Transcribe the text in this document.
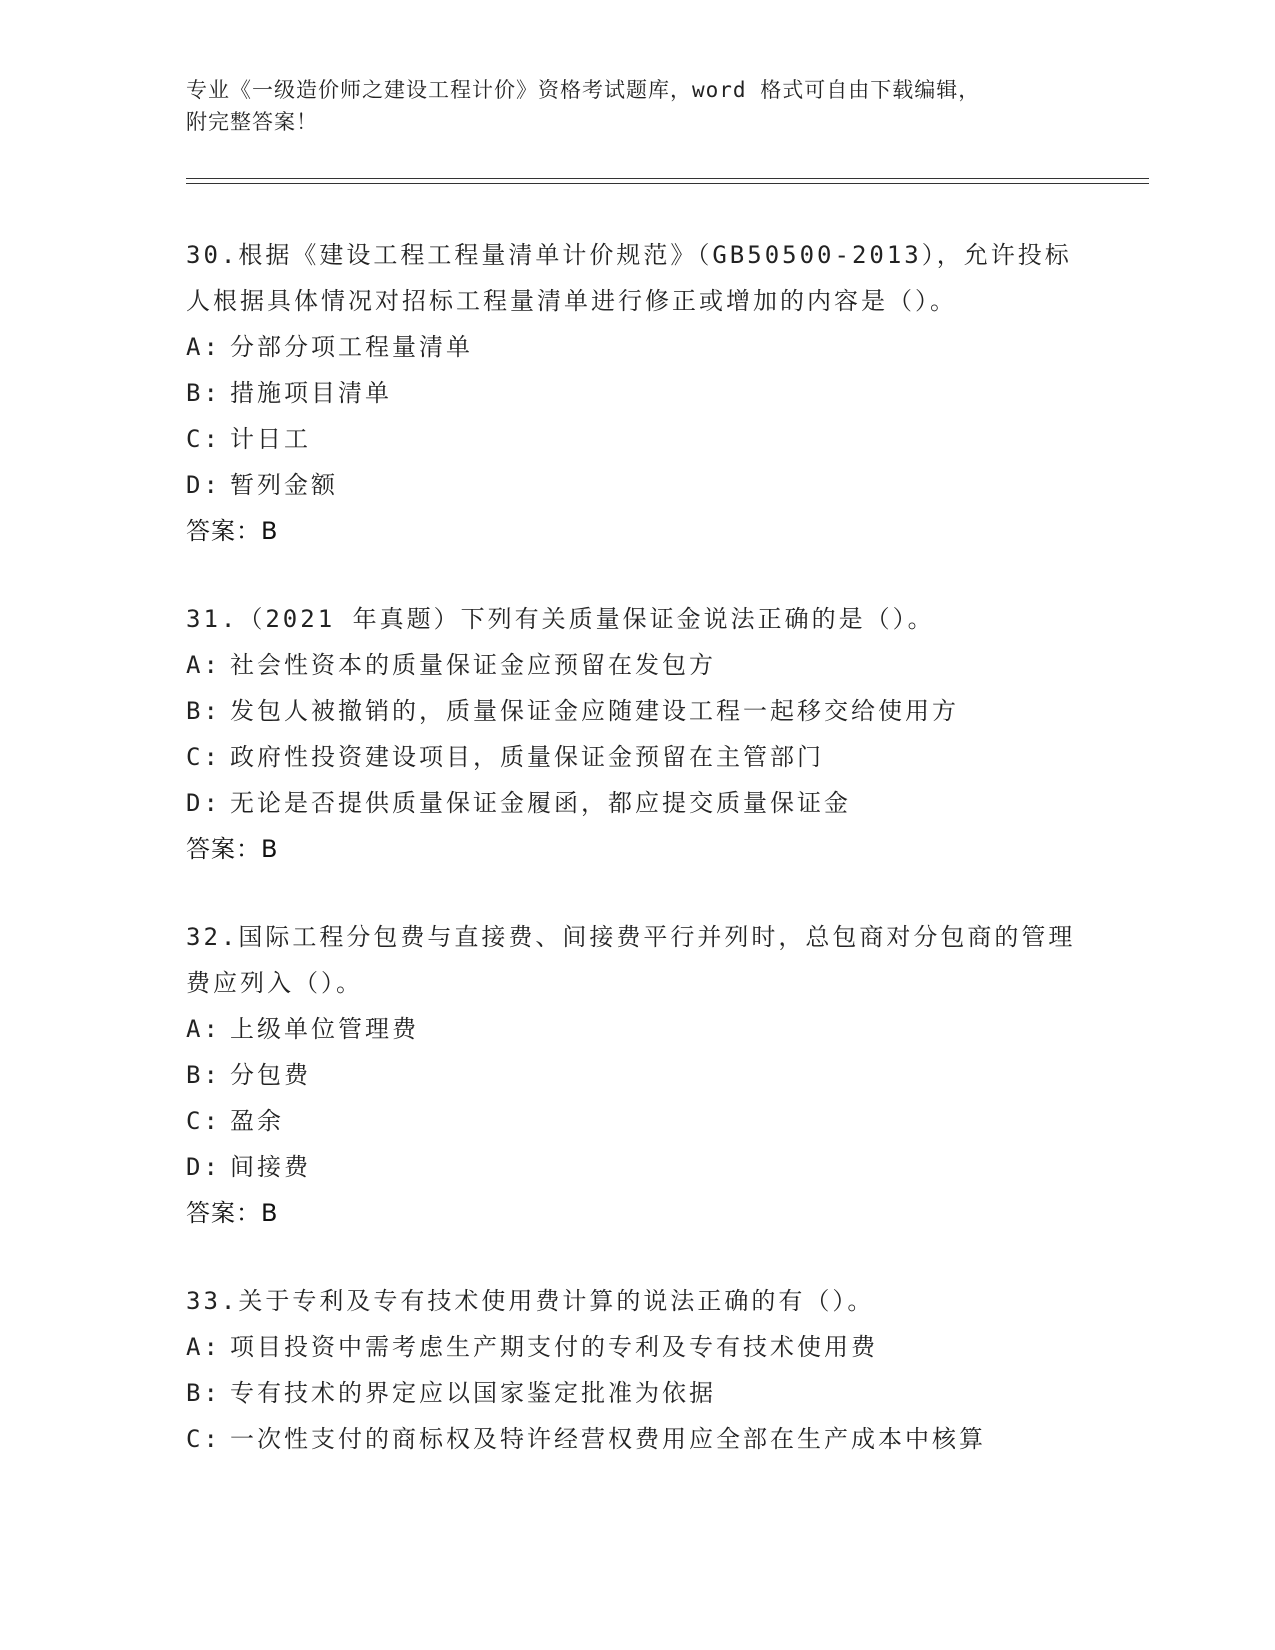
专业《一级造价师之建设工程计价》资格考试题库，word 格式可自由下载编辑，
附完整答案！
30.根据《建设工程工程量清单计价规范》（GB50500-2013），允许投标人根据具体情况对招标工程量清单进行修正或增加的内容是（）。
A: 分部分项工程量清单
B: 措施项目清单
C: 计日工
D: 暂列金额
答案：B
31.（2021 年真题）下列有关质量保证金说法正确的是（）。
A: 社会性资本的质量保证金应预留在发包方
B: 发包人被撤销的，质量保证金应随建设工程一起移交给使用方
C: 政府性投资建设项目，质量保证金预留在主管部门
D: 无论是否提供质量保证金履函，都应提交质量保证金
答案：B
32.国际工程分包费与直接费、间接费平行并列时，总包商对分包商的管理费应列入（）。
A: 上级单位管理费
B: 分包费
C: 盈余
D: 间接费
答案：B
33.关于专利及专有技术使用费计算的说法正确的有（）。
A: 项目投资中需考虑生产期支付的专利及专有技术使用费
B: 专有技术的界定应以国家鉴定批准为依据
C: 一次性支付的商标权及特许经营权费用应全部在生产成本中核算
